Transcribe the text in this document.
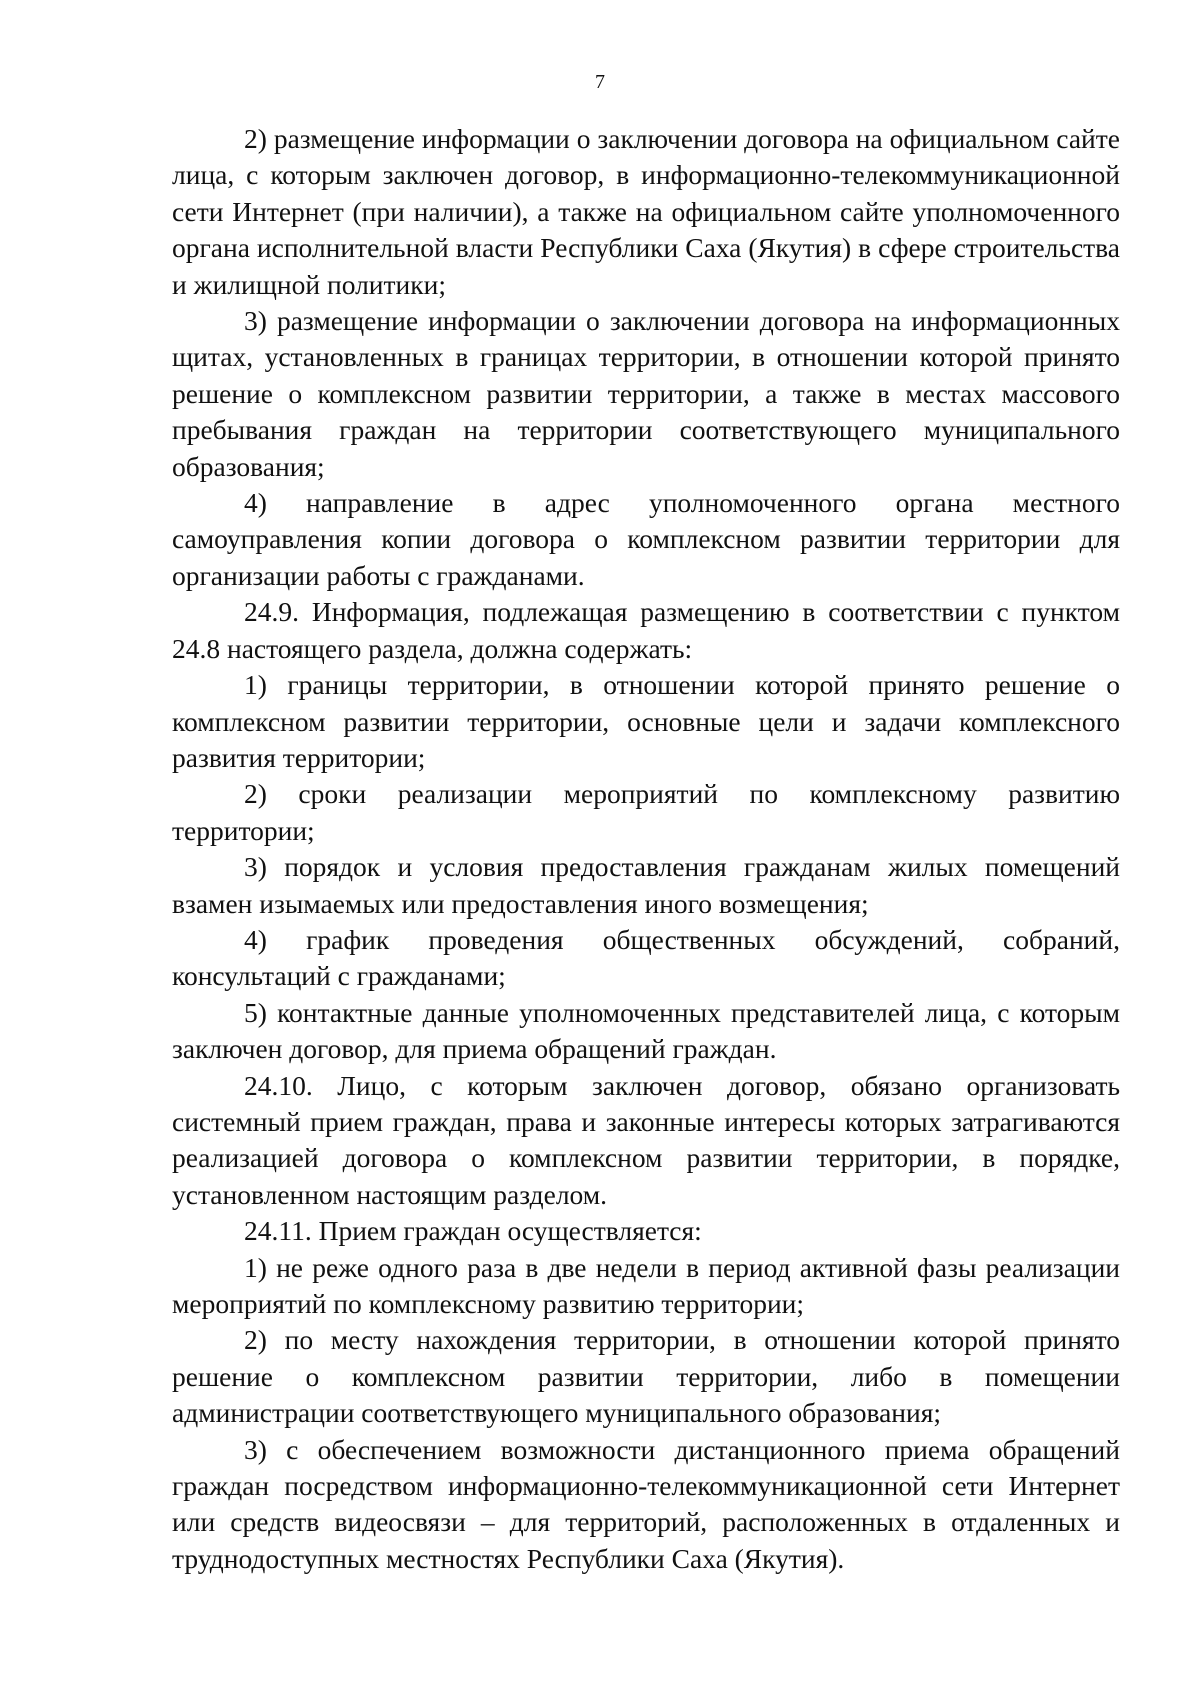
7

2) размещение информации о заключении договора на официальном сайте лица, с которым заключен договор, в информационно-телекоммуникационной сети Интернет (при наличии), а также на официальном сайте уполномоченного органа исполнительной власти Республики Саха (Якутия) в сфере строительства и жилищной политики;

3) размещение информации о заключении договора на информационных щитах, установленных в границах территории, в отношении которой принято решение о комплексном развитии территории, а также в местах массового пребывания граждан на территории соответствующего муниципального образования;

4) направление в адрес уполномоченного органа местного самоуправления копии договора о комплексном развитии территории для организации работы с гражданами.

24.9. Информация, подлежащая размещению в соответствии с пунктом 24.8 настоящего раздела, должна содержать:

1) границы территории, в отношении которой принято решение о комплексном развитии территории, основные цели и задачи комплексного развития территории;

2) сроки реализации мероприятий по комплексному развитию территории;

3) порядок и условия предоставления гражданам жилых помещений взамен изымаемых или предоставления иного возмещения;

4) график проведения общественных обсуждений, собраний, консультаций с гражданами;

5) контактные данные уполномоченных представителей лица, с которым заключен договор, для приема обращений граждан.

24.10. Лицо, с которым заключен договор, обязано организовать системный прием граждан, права и законные интересы которых затрагиваются реализацией договора о комплексном развитии территории, в порядке, установленном настоящим разделом.

24.11. Прием граждан осуществляется:

1) не реже одного раза в две недели в период активной фазы реализации мероприятий по комплексному развитию территории;

2) по месту нахождения территории, в отношении которой принято решение о комплексном развитии территории, либо в помещении администрации соответствующего муниципального образования;

3) с обеспечением возможности дистанционного приема обращений граждан посредством информационно-телекоммуникационной сети Интернет или средств видеосвязи – для территорий, расположенных в отдаленных и труднодоступных местностях Республики Саха (Якутия).
